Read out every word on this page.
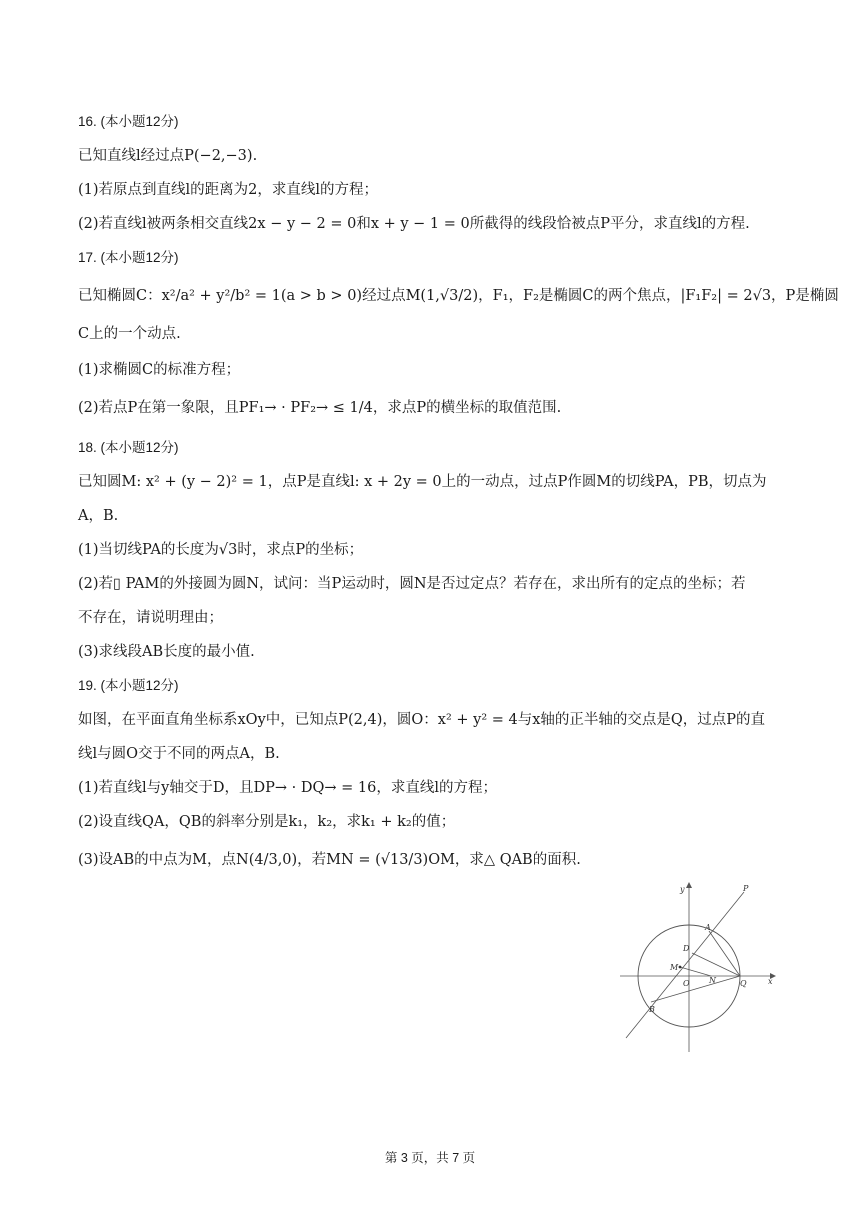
16. (本小题12分)
已知直线l经过点P(−2,−3).
(1)若原点到直线l的距离为2，求直线l的方程；
(2)若直线l被两条相交直线2x − y − 2 = 0和x + y − 1 = 0所截得的线段恰被点P平分，求直线l的方程.
17. (本小题12分)
已知椭圆C：x²/a² + y²/b² = 1(a > b > 0)经过点M(1,√3/2)，F₁，F₂是椭圆C的两个焦点，|F₁F₂| = 2√3，P是椭圆
C上的一个动点.
(1)求椭圆C的标准方程；
(2)若点P在第一象限，且PF₁→ · PF₂→ ≤ 1/4，求点P的横坐标的取值范围.
18. (本小题12分)
已知圆M: x² + (y − 2)² = 1，点P是直线l: x + 2y = 0上的一动点，过点P作圆M的切线PA，PB，切点为
A，B.
(1)当切线PA的长度为√3时，求点P的坐标；
(2)若▯ PAM的外接圆为圆N，试问：当P运动时，圆N是否过定点？若存在，求出所有的定点的坐标；若
不存在，请说明理由；
(3)求线段AB长度的最小值.
19. (本小题12分)
如图，在平面直角坐标系xOy中，已知点P(2,4)，圆O：x² + y² = 4与x轴的正半轴的交点是Q，过点P的直
线l与圆O交于不同的两点A，B.
(1)若直线l与y轴交于D，且DP→ · DQ→ = 16，求直线l的方程；
(2)设直线QA，QB的斜率分别是k₁，k₂，求k₁ + k₂的值；
(3)设AB的中点为M，点N(4/3,0)，若MN = (√13/3)OM，求△ QAB的面积.
y
x
P
A
D
M
O N	Q
B
第 3 页，共 7 页
